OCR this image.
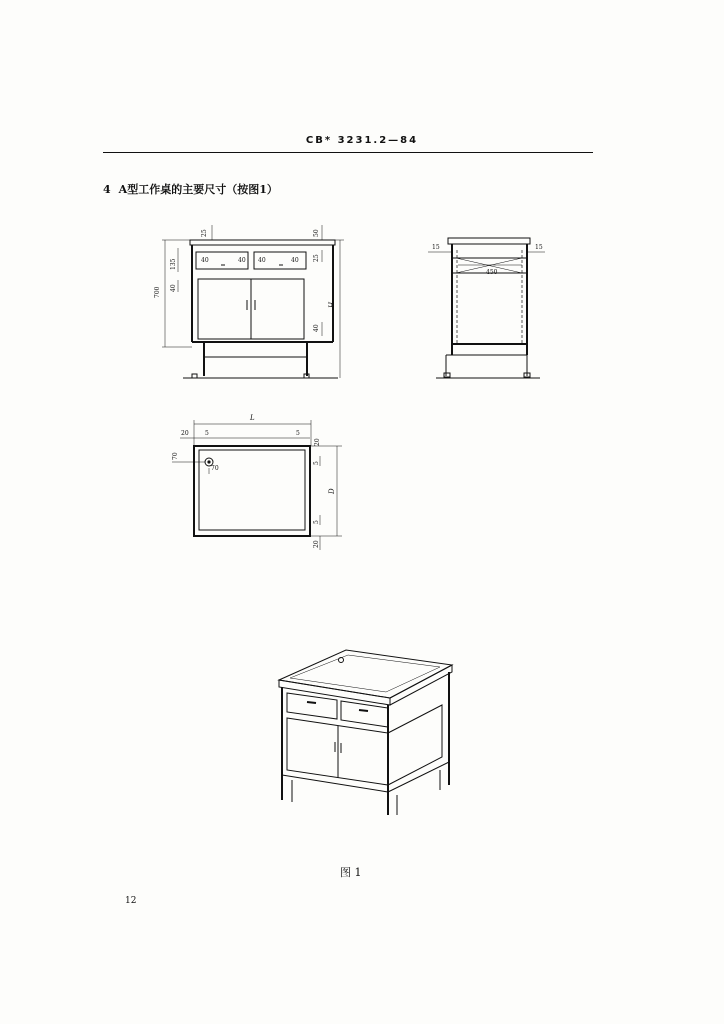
CB* 3231.2—84
4 A型工作桌的主要尺寸（按图1）
25	50
135
25
40
700
H
40
40	40 40	40
15	15
450
L
20	5	5
20
70
70
D
5
5
20
图 1
12
